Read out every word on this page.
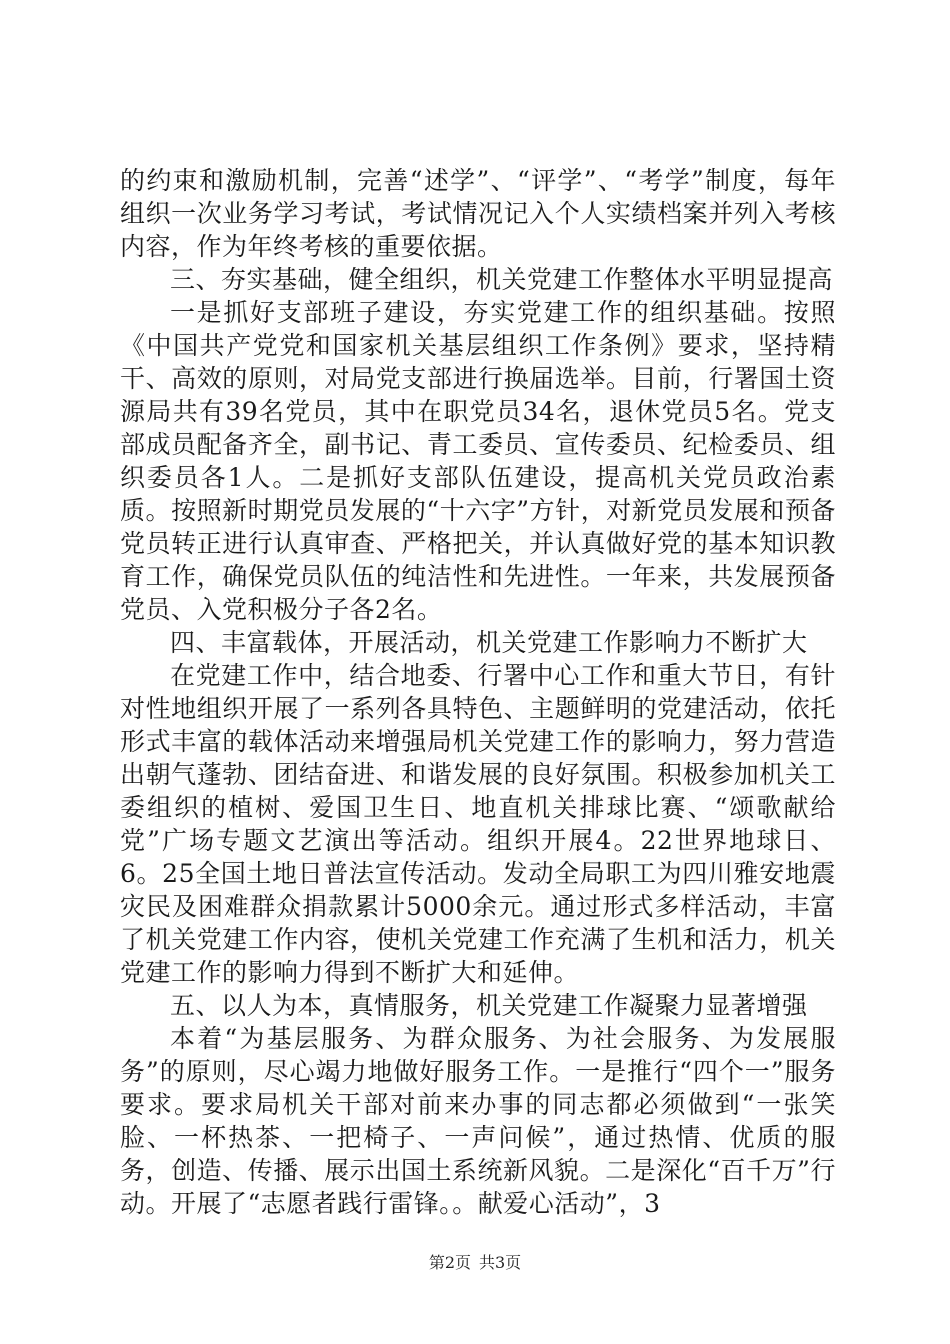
的约束和激励机制，完善“述学”、“评学”、“考学”制度，每年组织一次业务学习考试，考试情况记入个人实绩档案并列入考核内容，作为年终考核的重要依据。

三、夯实基础，健全组织，机关党建工作整体水平明显提高

一是抓好支部班子建设，夯实党建工作的组织基础。按照《中国共产党党和国家机关基层组织工作条例》要求，坚持精干、高效的原则，对局党支部进行换届选举。目前，行署国土资源局共有39名党员，其中在职党员34名，退休党员5名。党支部成员配备齐全，副书记、青工委员、宣传委员、纪检委员、组织委员各1人。二是抓好支部队伍建设，提高机关党员政治素质。按照新时期党员发展的“十六字”方针，对新党员发展和预备党员转正进行认真审查、严格把关，并认真做好党的基本知识教育工作，确保党员队伍的纯洁性和先进性。一年来，共发展预备党员、入党积极分子各2名。

四、丰富载体，开展活动，机关党建工作影响力不断扩大

在党建工作中，结合地委、行署中心工作和重大节日，有针对性地组织开展了一系列各具特色、主题鲜明的党建活动，依托形式丰富的载体活动来增强局机关党建工作的影响力，努力营造出朝气蓬勃、团结奋进、和谐发展的良好氛围。积极参加机关工委组织的植树、爱国卫生日、地直机关排球比赛、“颂歌献给党”广场专题文艺演出等活动。组织开展4。22世界地球日、6。25全国土地日普法宣传活动。发动全局职工为四川雅安地震灾民及困难群众捐款累计5000余元。通过形式多样活动，丰富了机关党建工作内容，使机关党建工作充满了生机和活力，机关党建工作的影响力得到不断扩大和延伸。

五、以人为本，真情服务，机关党建工作凝聚力显著增强

本着“为基层服务、为群众服务、为社会服务、为发展服务”的原则，尽心竭力地做好服务工作。一是推行“四个一”服务要求。要求局机关干部对前来办事的同志都必须做到“一张笑脸、一杯热茶、一把椅子、一声问候”，通过热情、优质的服务，创造、传播、展示出国土系统新风貌。二是深化“百千万”行动。开展了“志愿者践行雷锋。。献爱心活动”，3

第2页 共3页
